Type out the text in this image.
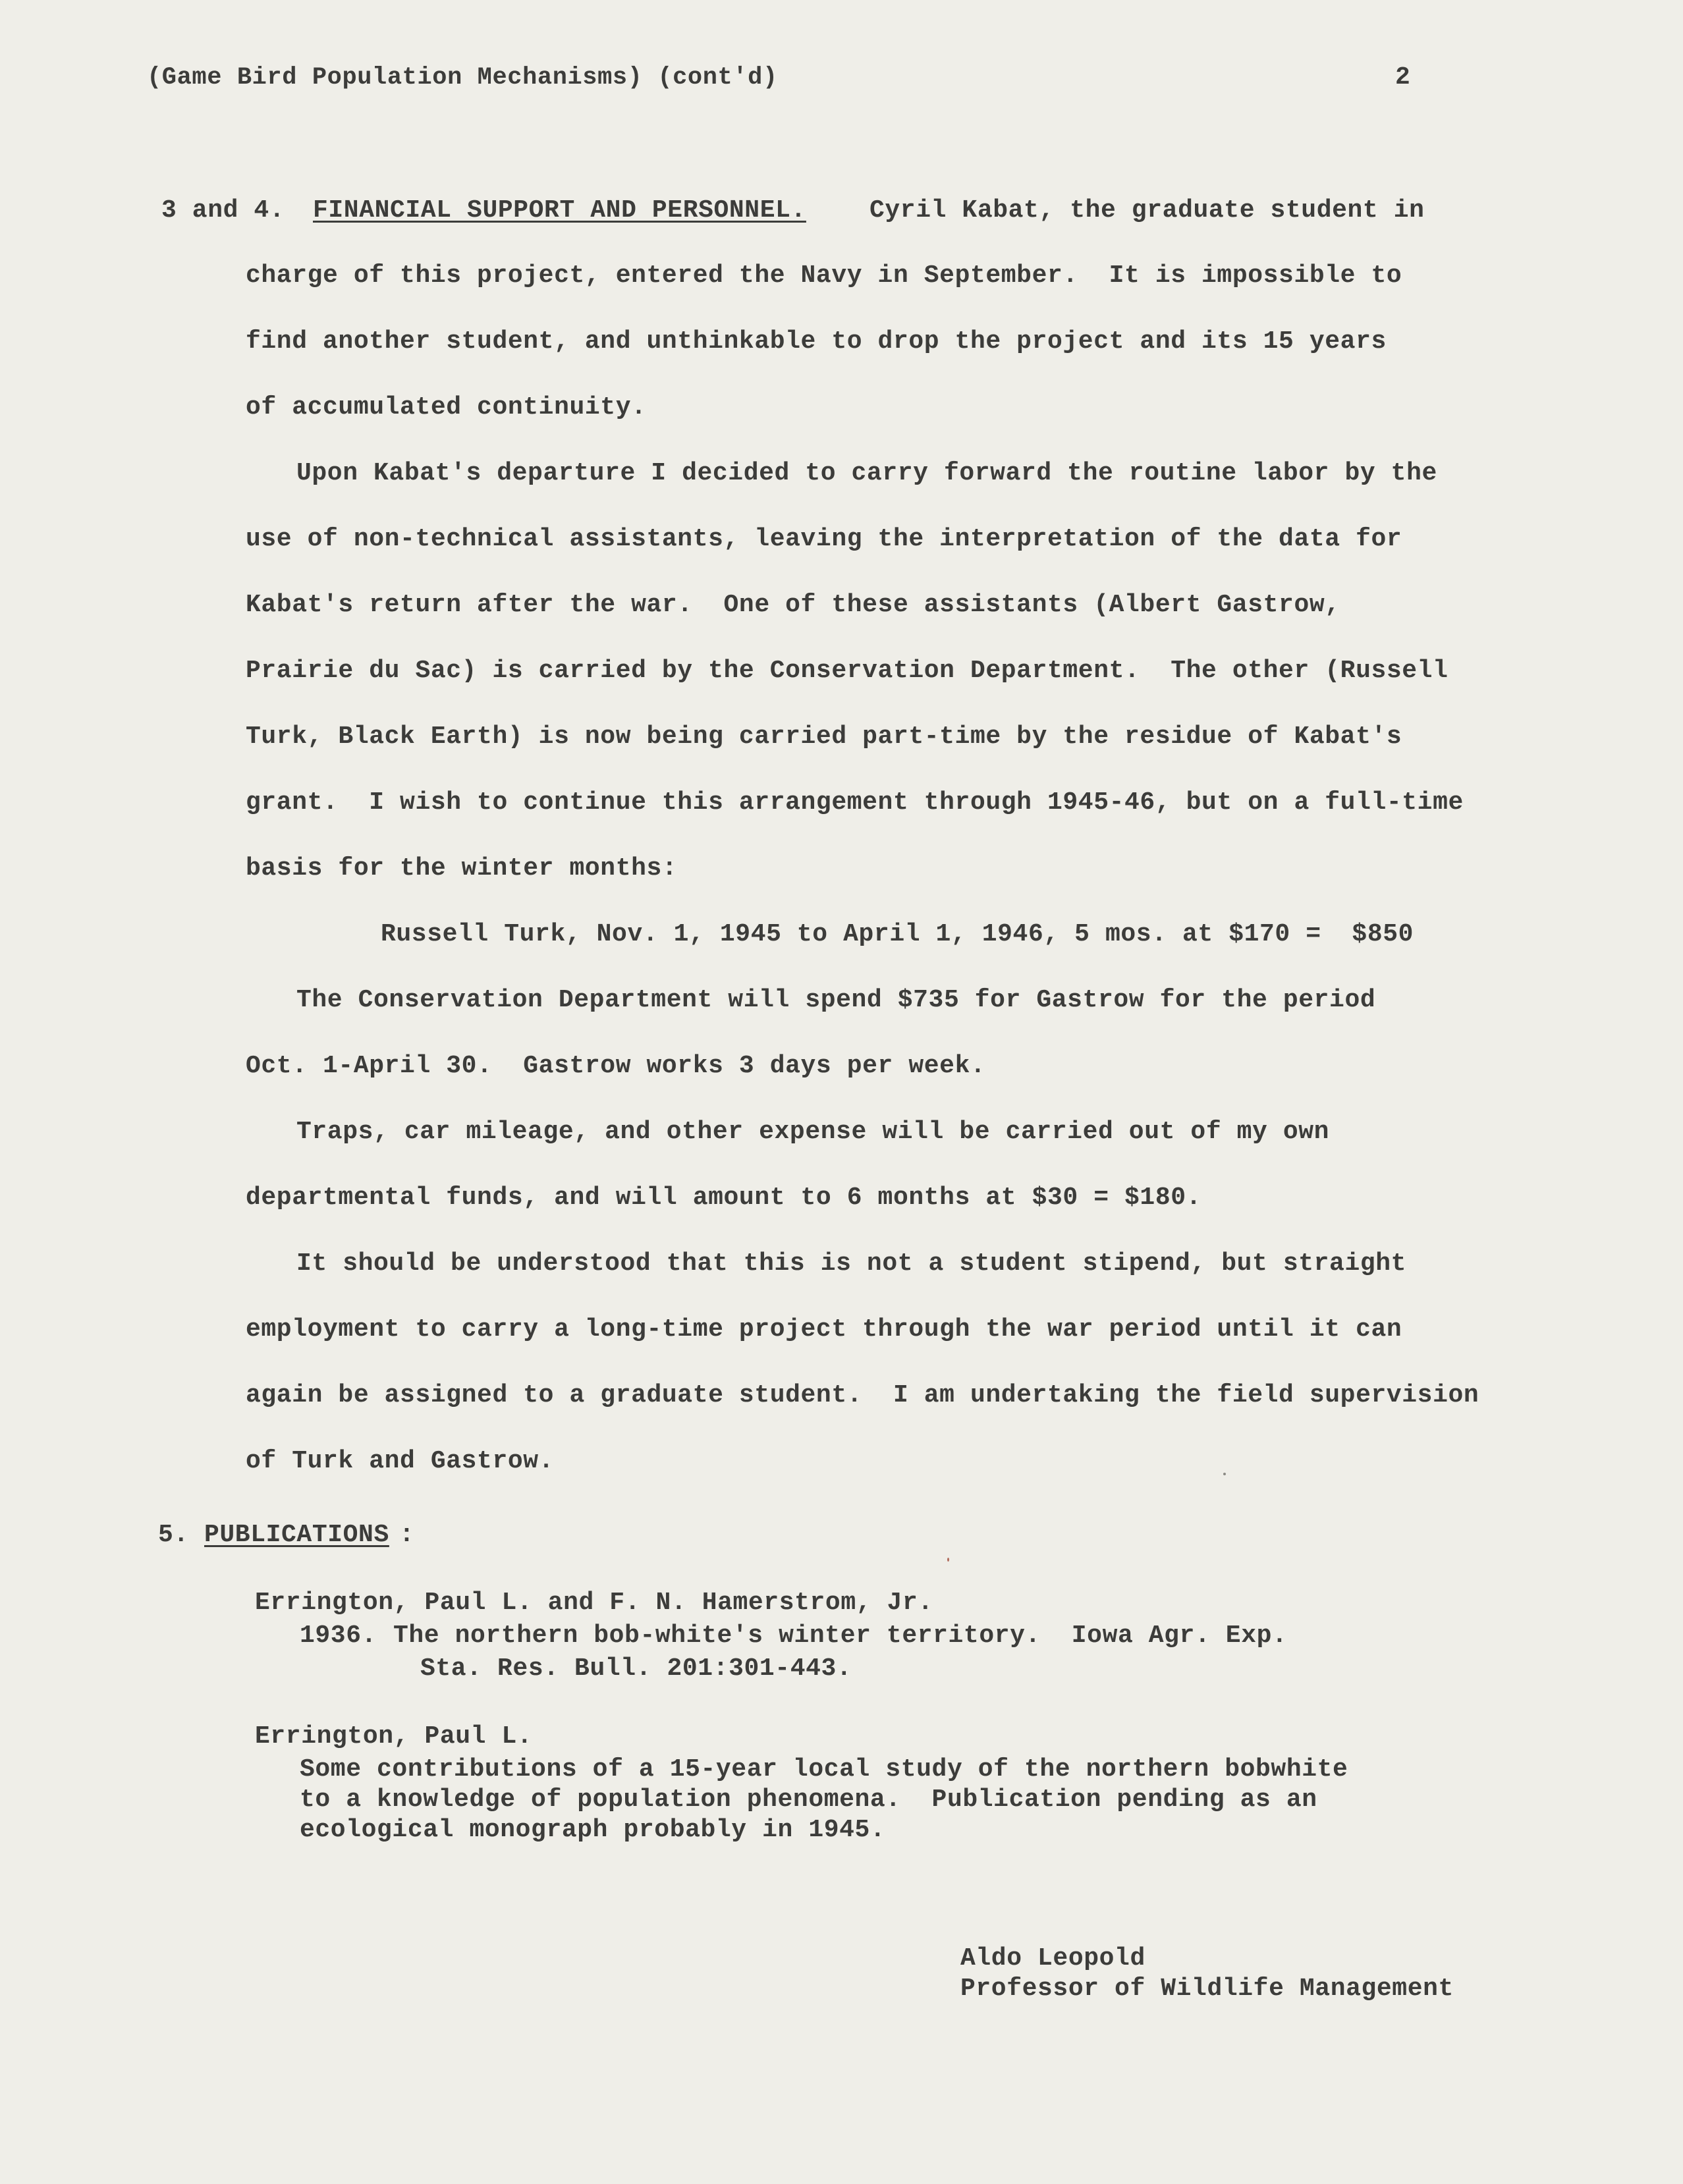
(Game Bird Population Mechanisms) (cont'd)	2
3 and 4. FINANCIAL SUPPORT AND PERSONNEL.	Cyril Kabat, the graduate student in
charge of this project, entered the Navy in September.  It is impossible to
find another student, and unthinkable to drop the project and its 15 years
of accumulated continuity.
Upon Kabat's departure I decided to carry forward the routine labor by the
use of non-technical assistants, leaving the interpretation of the data for
Kabat's return after the war.  One of these assistants (Albert Gastrow,
Prairie du Sac) is carried by the Conservation Department.  The other (Russell
Turk, Black Earth) is now being carried part-time by the residue of Kabat's
grant.  I wish to continue this arrangement through 1945-46, but on a full-time
basis for the winter months:
Russell Turk, Nov. 1, 1945 to April 1, 1946, 5 mos. at $170 =  $850
The Conservation Department will spend $735 for Gastrow for the period
Oct. 1-April 30.  Gastrow works 3 days per week.
Traps, car mileage, and other expense will be carried out of my own
departmental funds, and will amount to 6 months at $30 = $180.
It should be understood that this is not a student stipend, but straight
employment to carry a long-time project through the war period until it can
again be assigned to a graduate student.  I am undertaking the field supervision
of Turk and Gastrow.
5. PUBLICATIONS :
Errington, Paul L. and F. N. Hamerstrom, Jr.
1936. The northern bob-white's winter territory.  Iowa Agr. Exp.
Sta. Res. Bull. 201:301-443.
Errington, Paul L.
Some contributions of a 15-year local study of the northern bobwhite
to a knowledge of population phenomena.  Publication pending as an
ecological monograph probably in 1945.
Aldo Leopold
Professor of Wildlife Management
